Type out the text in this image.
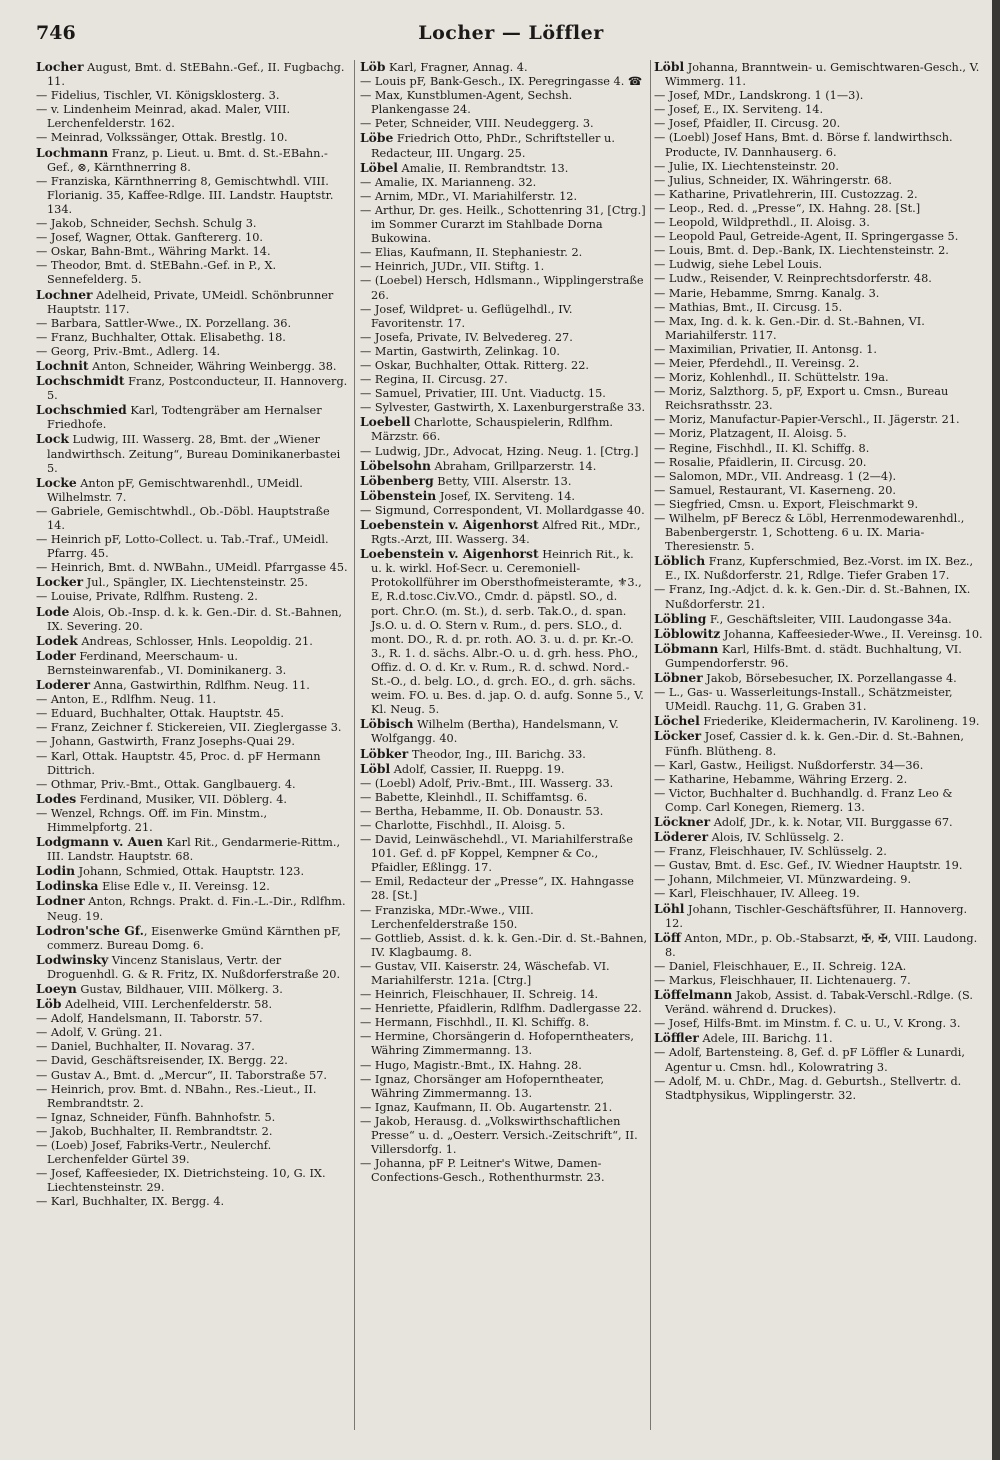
Locher — Löffler
746

Locher August, Bmt. d. StEBahn.-Gef., II. Fugbachg. 11.

— Fidelius, Tischler, VI. Königsklosterg. 3.

— v. Lindenheim Meinrad, akad. Maler, VIII. Lerchenfelderstr. 162.

— Meinrad, Volkssänger, Ottak. Brestlg. 10.

Lochmann Franz, p. Lieut. u. Bmt. d. St.-EBahn.-Gef., ⊗, Kärnthnerring 8.

— Franziska, Kärnthnerring 8, Gemischtwhdl. VIII. Florianig. 35, Kaffee-Rdlge. III. Landstr. Hauptstr. 134.

— Jakob, Schneider, Sechsh. Schulg 3.

— Josef, Wagner, Ottak. Ganftererg. 10.

— Oskar, Bahn-Bmt., Währing Markt. 14.

— Theodor, Bmt. d. StEBahn.-Gef. in P., X. Sennefelderg. 5.

Lochner Adelheid, Private, UMeidl. Schönbrunner Hauptstr. 117.

— Barbara, Sattler-Wwe., IX. Porzellang. 36.

— Franz, Buchhalter, Ottak. Elisabethg. 18.

— Georg, Priv.-Bmt., Adlerg. 14.

Lochnit Anton, Schneider, Währing Weinbergg. 38.

Lochschmidt Franz, Postconducteur, II. Hannoverg. 5.

Lochschmied Karl, Todtengräber am Hernalser Friedhofe.

Lock Ludwig, III. Wasserg. 28, Bmt. der „Wiener landwirthsch. Zeitung“, Bureau Dominikanerbastei 5.

Locke Anton pF, Gemischtwarenhdl., UMeidl. Wilhelmstr. 7.

— Gabriele, Gemischtwhdl., Ob.-Döbl. Hauptstraße 14.

— Heinrich pF, Lotto-Collect. u. Tab.-Traf., UMeidl. Pfarrg. 45.

— Heinrich, Bmt. d. NWBahn., UMeidl. Pfarrgasse 45.

Locker Jul., Spängler, IX. Liechtensteinstr. 25.

— Louise, Private, Rdlfhm. Rusteng. 2.

Lode Alois, Ob.-Insp. d. k. k. Gen.-Dir. d. St.-Bahnen, IX. Severing. 20.

Lodek Andreas, Schlosser, Hnls. Leopoldig. 21.

Loder Ferdinand, Meerschaum- u. Bernsteinwarenfab., VI. Dominikanerg. 3.

Loderer Anna, Gastwirthin, Rdlfhm. Neug. 11.

— Anton, E., Rdlfhm. Neug. 11.

— Eduard, Buchhalter, Ottak. Hauptstr. 45.

— Franz, Zeichner f. Stickereien, VII. Zieglergasse 3.

— Johann, Gastwirth, Franz Josephs-Quai 29.

— Karl, Ottak. Hauptstr. 45, Proc. d. pF Hermann Dittrich.

— Othmar, Priv.-Bmt., Ottak. Ganglbauerg. 4.

Lodes Ferdinand, Musiker, VII. Döblerg. 4.

— Wenzel, Rchngs. Off. im Fin. Minstm., Himmelpfortg. 21.

Lodgmann v. Auen Karl Rit., Gendarmerie-Rittm., III. Landstr. Hauptstr. 68.

Lodin Johann, Schmied, Ottak. Hauptstr. 123.

Lodinska Elise Edle v., II. Vereinsg. 12.

Lodner Anton, Rchngs. Prakt. d. Fin.-L.-Dir., Rdlfhm. Neug. 19.

Lodron'sche Gf., Eisenwerke Gmünd Kärnthen pF, commerz. Bureau Domg. 6.

Lodwinsky Vincenz Stanislaus, Vertr. der Droguenhdl. G. & R. Fritz, IX. Nußdorferstraße 20.

Loeyn Gustav, Bildhauer, VIII. Mölkerg. 3.

Löb Adelheid, VIII. Lerchenfelderstr. 58.

— Adolf, Handelsmann, II. Taborstr. 57.

— Adolf, V. Grüng. 21.

— Daniel, Buchhalter, II. Novarag. 37.

— David, Geschäftsreisender, IX. Bergg. 22.

— Gustav A., Bmt. d. „Mercur“, II. Taborstraße 57.

— Heinrich, prov. Bmt. d. NBahn., Res.-Lieut., II. Rembrandtstr. 2.

— Ignaz, Schneider, Fünfh. Bahnhofstr. 5.

— Jakob, Buchhalter, II. Rembrandtstr. 2.

— (Loeb) Josef, Fabriks-Vertr., Neulerchf. Lerchenfelder Gürtel 39.

— Josef, Kaffeesieder, IX. Dietrichsteing. 10, G. IX. Liechtensteinstr. 29.

— Karl, Buchhalter, IX. Bergg. 4.

Löb Karl, Fragner, Annag. 4.

— Louis pF, Bank-Gesch., IX. Peregringasse 4. ☎

— Max, Kunstblumen-Agent, Sechsh. Plankengasse 24.

— Peter, Schneider, VIII. Neudeggerg. 3.

Löbe Friedrich Otto, PhDr., Schriftsteller u. Redacteur, III. Ungarg. 25.

Löbel Amalie, II. Rembrandtstr. 13.

— Amalie, IX. Marianneng. 32.

— Arnim, MDr., VI. Mariahilferstr. 12.

— Arthur, Dr. ges. Heilk., Schottenring 31, [Ctrg.] im Sommer Curarzt im Stahlbade Dorna Bukowina.

— Elias, Kaufmann, II. Stephaniestr. 2.

— Heinrich, JUDr., VII. Stiftg. 1.

— (Loebel) Hersch, Hdlsmann., Wipplingerstraße 26.

— Josef, Wildpret- u. Geflügelhdl., IV. Favoritenstr. 17.

— Josefa, Private, IV. Belvedereg. 27.

— Martin, Gastwirth, Zelinkag. 10.

— Oskar, Buchhalter, Ottak. Ritterg. 22.

— Regina, II. Circusg. 27.

— Samuel, Privatier, III. Unt. Viaductg. 15.

— Sylvester, Gastwirth, X. Laxenburgerstraße 33.

Loebell Charlotte, Schauspielerin, Rdlfhm. Märzstr. 66.

— Ludwig, JDr., Advocat, Hzing. Neug. 1. [Ctrg.]

Löbelsohn Abraham, Grillparzerstr. 14.

Löbenberg Betty, VIII. Alserstr. 13.

Löbenstein Josef, IX. Serviteng. 14.

— Sigmund, Correspondent, VI. Mollardgasse 40.

Loebenstein v. Aigenhorst Alfred Rit., MDr., Rgts.-Arzt, III. Wasserg. 34.

Loebenstein v. Aigenhorst Heinrich Rit., k. u. k. wirkl. Hof-Secr. u. Ceremoniell-Protokollführer im Obersthofmeisteramte, ⚜3., E, R.d.tosc.Civ.VO., Cmdr. d. päpstl. SO., d. port. Chr.O. (m. St.), d. serb. Tak.O., d. span. Js.O. u. d. O. Stern v. Rum., d. pers. SLO., d. mont. DO., R. d. pr. roth. AO. 3. u. d. pr. Kr.-O. 3., R. 1. d. sächs. Albr.-O. u. d. grh. hess. PhO., Offiz. d. O. d. Kr. v. Rum., R. d. schwd. Nord.-St.-O., d. belg. LO., d. grch. EO., d. grh. sächs. weim. FO. u. Bes. d. jap. O. d. aufg. Sonne 5., V. Kl. Neug. 5.

Löbisch Wilhelm (Bertha), Handelsmann, V. Wolfgangg. 40.

Löbker Theodor, Ing., III. Barichg. 33.

Löbl Adolf, Cassier, II. Rueppg. 19.

— (Loebl) Adolf, Priv.-Bmt., III. Wasserg. 33.

— Babette, Kleinhdl., II. Schiffamtsg. 6.

— Bertha, Hebamme, II. Ob. Donaustr. 53.

— Charlotte, Fischhdl., II. Aloisg. 5.

— David, Leinwäschehdl., VI. Mariahilferstraße 101. Gef. d. pF Koppel, Kempner & Co., Pfaidler, Eßlingg. 17.

— Emil, Redacteur der „Presse“, IX. Hahngasse 28. [St.]

— Franziska, MDr.-Wwe., VIII. Lerchenfelderstraße 150.

— Gottlieb, Assist. d. k. k. Gen.-Dir. d. St.-Bahnen, IV. Klagbaumg. 8.

— Gustav, VII. Kaiserstr. 24, Wäschefab. VI. Mariahilferstr. 121a. [Ctrg.]

— Heinrich, Fleischhauer, II. Schreig. 14.

— Henriette, Pfaidlerin, Rdlfhm. Dadlergasse 22.

— Hermann, Fischhdl., II. Kl. Schiffg. 8.

— Hermine, Chorsängerin d. Hofoperntheaters, Währing Zimmermanng. 13.

— Hugo, Magistr.-Bmt., IX. Hahng. 28.

— Ignaz, Chorsänger am Hofoperntheater, Währing Zimmermanng. 13.

— Ignaz, Kaufmann, II. Ob. Augartenstr. 21.

— Jakob, Herausg. d. „Volkswirthschaftlichen Presse“ u. d. „Oesterr. Versich.-Zeitschrift“, II. Villersdorfg. 1.

— Johanna, pF P. Leitner's Witwe, Damen-Confections-Gesch., Rothenthurmstr. 23.

Löbl Johanna, Branntwein- u. Gemischtwaren-Gesch., V. Wimmerg. 11.

— Josef, MDr., Landskrong. 1 (1—3).

— Josef, E., IX. Serviteng. 14.

— Josef, Pfaidler, II. Circusg. 20.

— (Loebl) Josef Hans, Bmt. d. Börse f. landwirthsch. Producte, IV. Dannhauserg. 6.

— Julie, IX. Liechtensteinstr. 20.

— Julius, Schneider, IX. Währingerstr. 68.

— Katharine, Privatlehrerin, III. Custozzag. 2.

— Leop., Red. d. „Presse“, IX. Hahng. 28. [St.]

— Leopold, Wildprethdl., II. Aloisg. 3.

— Leopold Paul, Getreide-Agent, II. Springergasse 5.

— Louis, Bmt. d. Dep.-Bank, IX. Liechtensteinstr. 2.

— Ludwig, siehe Lebel Louis.

— Ludw., Reisender, V. Reinprechtsdorferstr. 48.

— Marie, Hebamme, Smrng. Kanalg. 3.

— Mathias, Bmt., II. Circusg. 15.

— Max, Ing. d. k. k. Gen.-Dir. d. St.-Bahnen, VI. Mariahilferstr. 117.

— Maximilian, Privatier, II. Antonsg. 1.

— Meier, Pferdehdl., II. Vereinsg. 2.

— Moriz, Kohlenhdl., II. Schüttelstr. 19a.

— Moriz, Salzthorg. 5, pF, Export u. Cmsn., Bureau Reichsrathsstr. 23.

— Moriz, Manufactur-Papier-Verschl., II. Jägerstr. 21.

— Moriz, Platzagent, II. Aloisg. 5.

— Regine, Fischhdl., II. Kl. Schiffg. 8.

— Rosalie, Pfaidlerin, II. Circusg. 20.

— Salomon, MDr., VII. Andreasg. 1 (2—4).

— Samuel, Restaurant, VI. Kaserneng. 20.

— Siegfried, Cmsn. u. Export, Fleischmarkt 9.

— Wilhelm, pF Berecz & Löbl, Herrenmodewarenhdl., Babenbergerstr. 1, Schotteng. 6 u. IX. Maria-Theresienstr. 5.

Löblich Franz, Kupferschmied, Bez.-Vorst. im IX. Bez., E., IX. Nußdorferstr. 21, Rdlge. Tiefer Graben 17.

— Franz, Ing.-Adjct. d. k. k. Gen.-Dir. d. St.-Bahnen, IX. Nußdorferstr. 21.

Löbling F., Geschäftsleiter, VIII. Laudongasse 34a.

Löblowitz Johanna, Kaffeesieder-Wwe., II. Vereinsg. 10.

Löbmann Karl, Hilfs-Bmt. d. städt. Buchhaltung, VI. Gumpendorferstr. 96.

Löbner Jakob, Börsebesucher, IX. Porzellangasse 4.

— L., Gas- u. Wasserleitungs-Install., Schätzmeister, UMeidl. Rauchg. 11, G. Graben 31.

Löchel Friederike, Kleidermacherin, IV. Karolineng. 19.

Löcker Josef, Cassier d. k. k. Gen.-Dir. d. St.-Bahnen, Fünfh. Blütheng. 8.

— Karl, Gastw., Heiligst. Nußdorferstr. 34—36.

— Katharine, Hebamme, Währing Erzerg. 2.

— Victor, Buchhalter d. Buchhandlg. d. Franz Leo & Comp. Carl Konegen, Riemerg. 13.

Löckner Adolf, JDr., k. k. Notar, VII. Burggasse 67.

Löderer Alois, IV. Schlüsselg. 2.

— Franz, Fleischhauer, IV. Schlüsselg. 2.

— Gustav, Bmt. d. Esc. Gef., IV. Wiedner Hauptstr. 19.

— Johann, Milchmeier, VI. Münzwardeing. 9.

— Karl, Fleischhauer, IV. Alleeg. 19.

Löhl Johann, Tischler-Geschäftsführer, II. Hannoverg. 12.

Löff Anton, MDr., p. Ob.-Stabsarzt, ✠, ✠, VIII. Laudong. 8.

— Daniel, Fleischhauer, E., II. Schreig. 12A.

— Markus, Fleischhauer, II. Lichtenauerg. 7.

Löffelmann Jakob, Assist. d. Tabak-Verschl.-Rdlge. (S. Veränd. während d. Druckes).

— Josef, Hilfs-Bmt. im Minstm. f. C. u. U., V. Krong. 3.

Löffler Adele, III. Barichg. 11.

— Adolf, Bartensteing. 8, Gef. d. pF Löffler & Lunardi, Agentur u. Cmsn. hdl., Kolowratring 3.

— Adolf, M. u. ChDr., Mag. d. Geburtsh., Stellvertr. d. Stadtphysikus, Wipplingerstr. 32.
